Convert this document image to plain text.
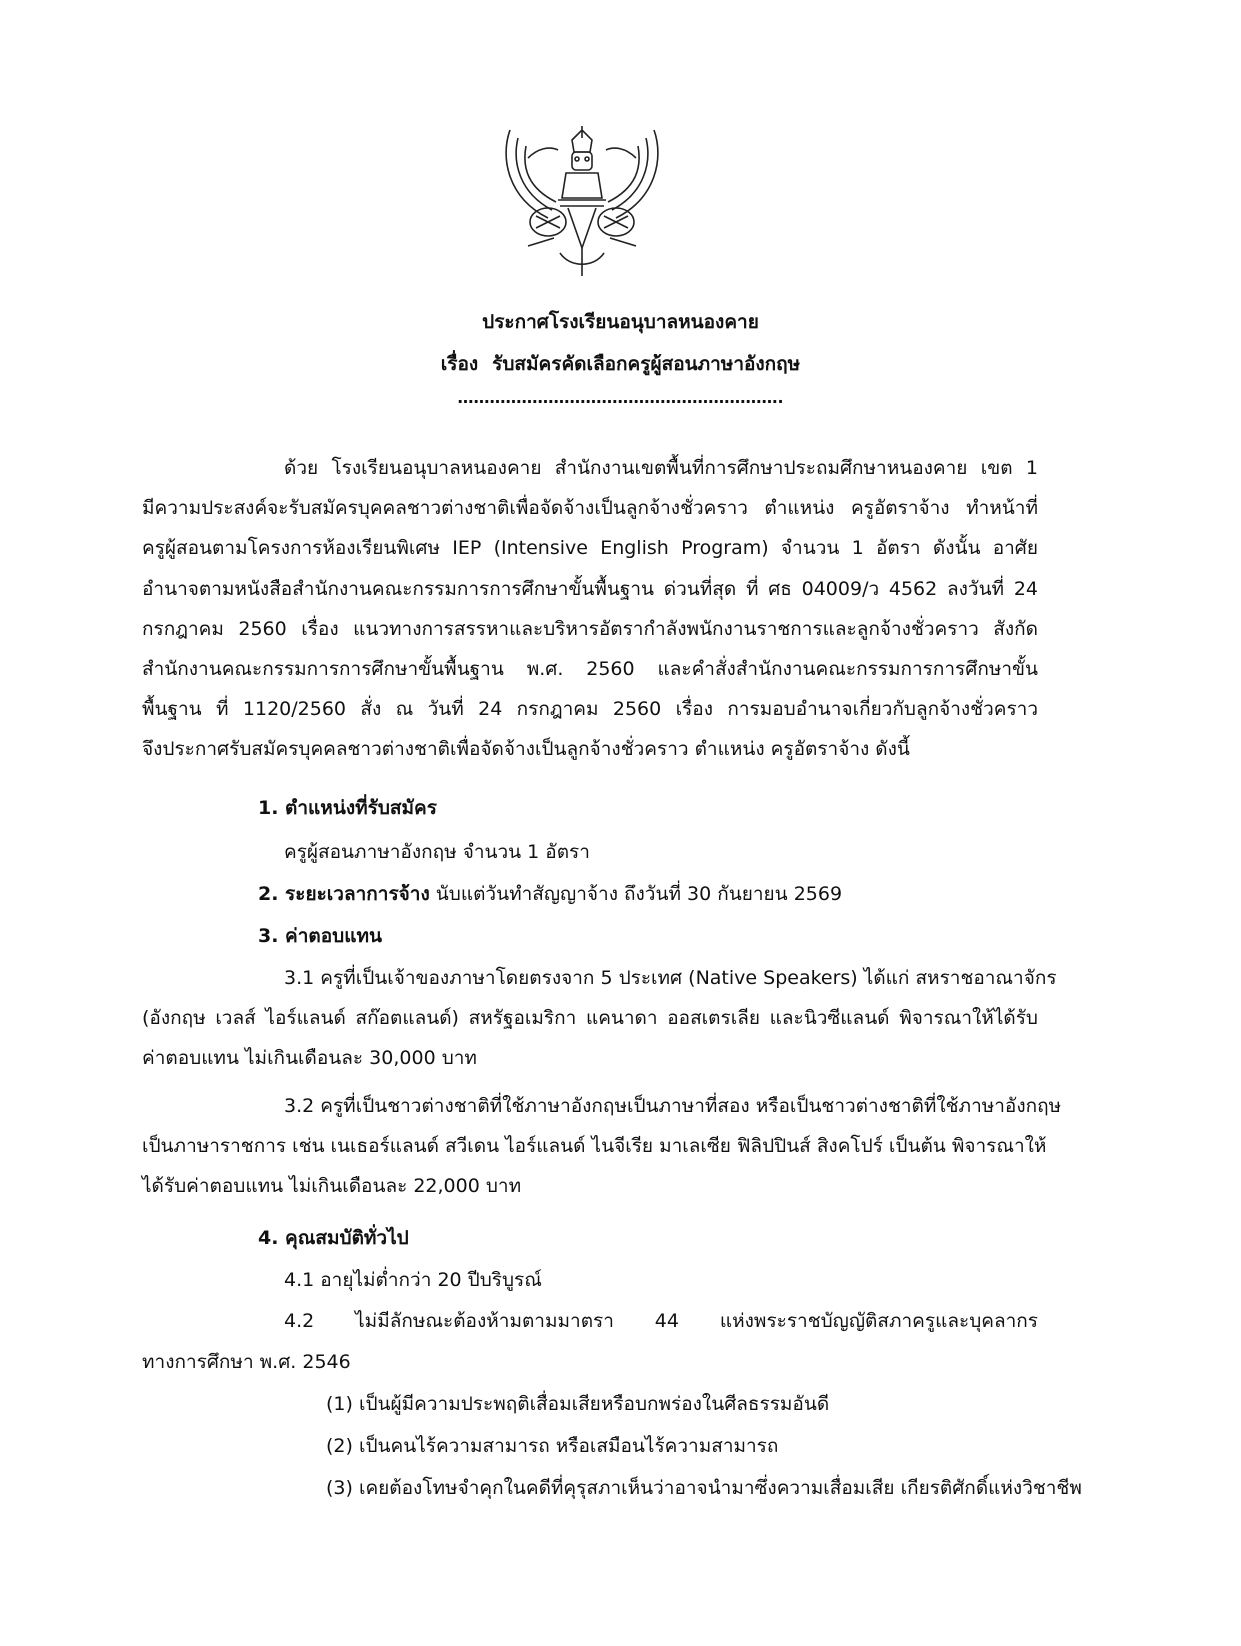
ประกาศโรงเรียนอนุบาลหนองคาย
เรื่อง รับสมัครคัดเลือกครูผู้สอนภาษาอังกฤษ
…………………………………………………….
ด้วย โรงเรียนอนุบาลหนองคาย สำนักงานเขตพื้นที่การศึกษาประถมศึกษาหนองคาย เขต 1
มีความประสงค์จะรับสมัครบุคคลชาวต่างชาติเพื่อจัดจ้างเป็นลูกจ้างชั่วคราว ตำแหน่ง ครูอัตราจ้าง ทำหน้าที่
ครูผู้สอนตามโครงการห้องเรียนพิเศษ IEP (Intensive English Program) จำนวน 1 อัตรา ดังนั้น อาศัย
อำนาจตามหนังสือสำนักงานคณะกรรมการการศึกษาขั้นพื้นฐาน ด่วนที่สุด ที่ ศธ 04009/ว 4562 ลงวันที่ 24
กรกฎาคม 2560 เรื่อง แนวทางการสรรหาและบริหารอัตรากำลังพนักงานราชการและลูกจ้างชั่วคราว สังกัด
สำนักงานคณะกรรมการการศึกษาขั้นพื้นฐาน พ.ศ. 2560 และคำสั่งสำนักงานคณะกรรมการการศึกษาขั้น
พื้นฐาน ที่ 1120/2560 สั่ง ณ วันที่ 24 กรกฎาคม 2560 เรื่อง การมอบอำนาจเกี่ยวกับลูกจ้างชั่วคราว
จึงประกาศรับสมัครบุคคลชาวต่างชาติเพื่อจัดจ้างเป็นลูกจ้างชั่วคราว ตำแหน่ง ครูอัตราจ้าง ดังนี้
1. ตำแหน่งที่รับสมัคร
ครูผู้สอนภาษาอังกฤษ จำนวน 1 อัตรา
2. ระยะเวลาการจ้าง นับแต่วันทำสัญญาจ้าง ถึงวันที่ 30 กันยายน 2569
3. ค่าตอบแทน
3.1 ครูที่เป็นเจ้าของภาษาโดยตรงจาก 5 ประเทศ (Native Speakers) ได้แก่ สหราชอาณาจักร
(อังกฤษ เวลส์ ไอร์แลนด์ สก๊อตแลนด์) สหรัฐอเมริกา แคนาดา ออสเตรเลีย และนิวซีแลนด์ พิจารณาให้ได้รับ
ค่าตอบแทน ไม่เกินเดือนละ 30,000 บาท
3.2 ครูที่เป็นชาวต่างชาติที่ใช้ภาษาอังกฤษเป็นภาษาที่สอง หรือเป็นชาวต่างชาติที่ใช้ภาษาอังกฤษ
เป็นภาษาราชการ เช่น เนเธอร์แลนด์ สวีเดน ไอร์แลนด์ ไนจีเรีย มาเลเซีย ฟิลิปปินส์ สิงคโปร์ เป็นต้น พิจารณาให้
ได้รับค่าตอบแทน ไม่เกินเดือนละ 22,000 บาท
4. คุณสมบัติทั่วไป
4.1 อายุไม่ต่ำกว่า 20 ปีบริบูรณ์
4.2 ไม่มีลักษณะต้องห้ามตามมาตรา 44 แห่งพระราชบัญญัติสภาครูและบุคลากร
ทางการศึกษา พ.ศ. 2546
(1) เป็นผู้มีความประพฤติเสื่อมเสียหรือบกพร่องในศีลธรรมอันดี
(2) เป็นคนไร้ความสามารถ หรือเสมือนไร้ความสามารถ
(3) เคยต้องโทษจำคุกในคดีที่คุรุสภาเห็นว่าอาจนำมาซึ่งความเสื่อมเสีย เกียรติศักดิ์แห่งวิชาชีพ
